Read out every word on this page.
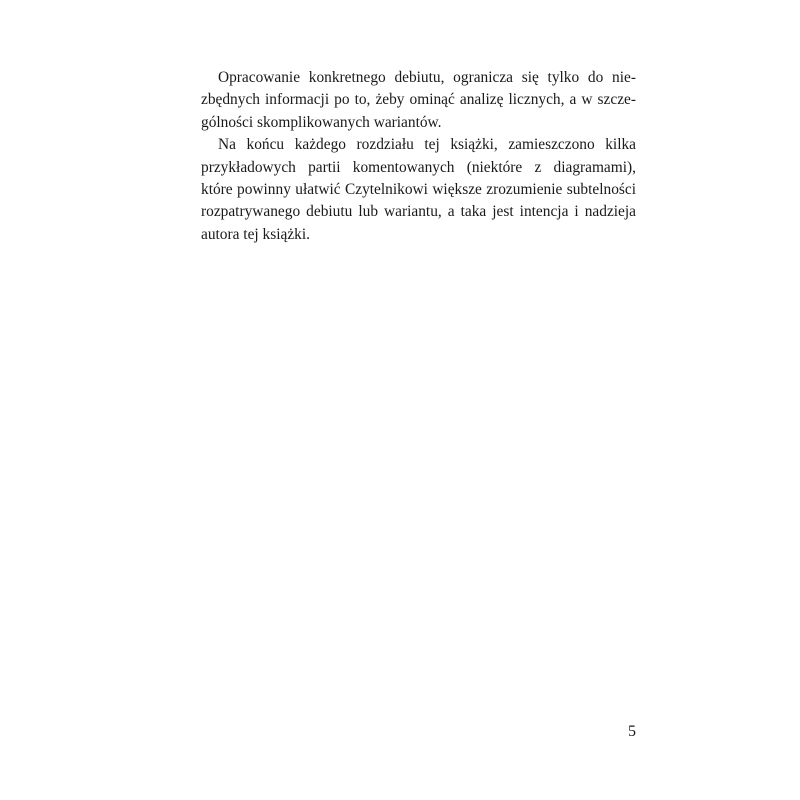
Opracowanie konkretnego debiutu, ogranicza się tylko do nie-
zbędnych informacji po to, żeby ominąć analizę licznych, a w szcze-
gólności skomplikowanych wariantów.
Na końcu każdego rozdziału tej książki, zamieszczono kilka
przykładowych partii komentowanych (niektóre z diagramami),
które powinny ułatwić Czytelnikowi większe zrozumienie subtelności
rozpatrywanego debiutu lub wariantu, a taka jest intencja i nadzieja
autora tej książki.
5
